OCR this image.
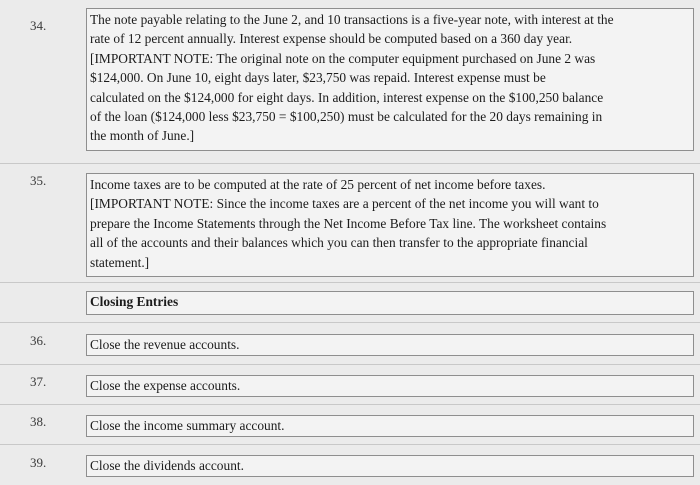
34.	The note payable relating to the June 2, and 10 transactions is a five-year note, with interest at the
rate of 12 percent annually. Interest expense should be computed based on a 360 day year.
[IMPORTANT NOTE: The original note on the computer equipment purchased on June 2 was
$124,000. On June 10, eight days later, $23,750 was repaid. Interest expense must be
calculated on the $124,000 for eight days. In addition, interest expense on the $100,250 balance
of the loan ($124,000 less $23,750 = $100,250) must be calculated for the 20 days remaining in
the month of June.]
35.	Income taxes are to be computed at the rate of 25 percent of net income before taxes.
[IMPORTANT NOTE: Since the income taxes are a percent of the net income you will want to
prepare the Income Statements through the Net Income Before Tax line. The worksheet contains
all of the accounts and their balances which you can then transfer to the appropriate financial
statement.]
Closing Entries
36.	Close the revenue accounts.
37.	Close the expense accounts.
38.	Close the income summary account.
39.	Close the dividends account.
